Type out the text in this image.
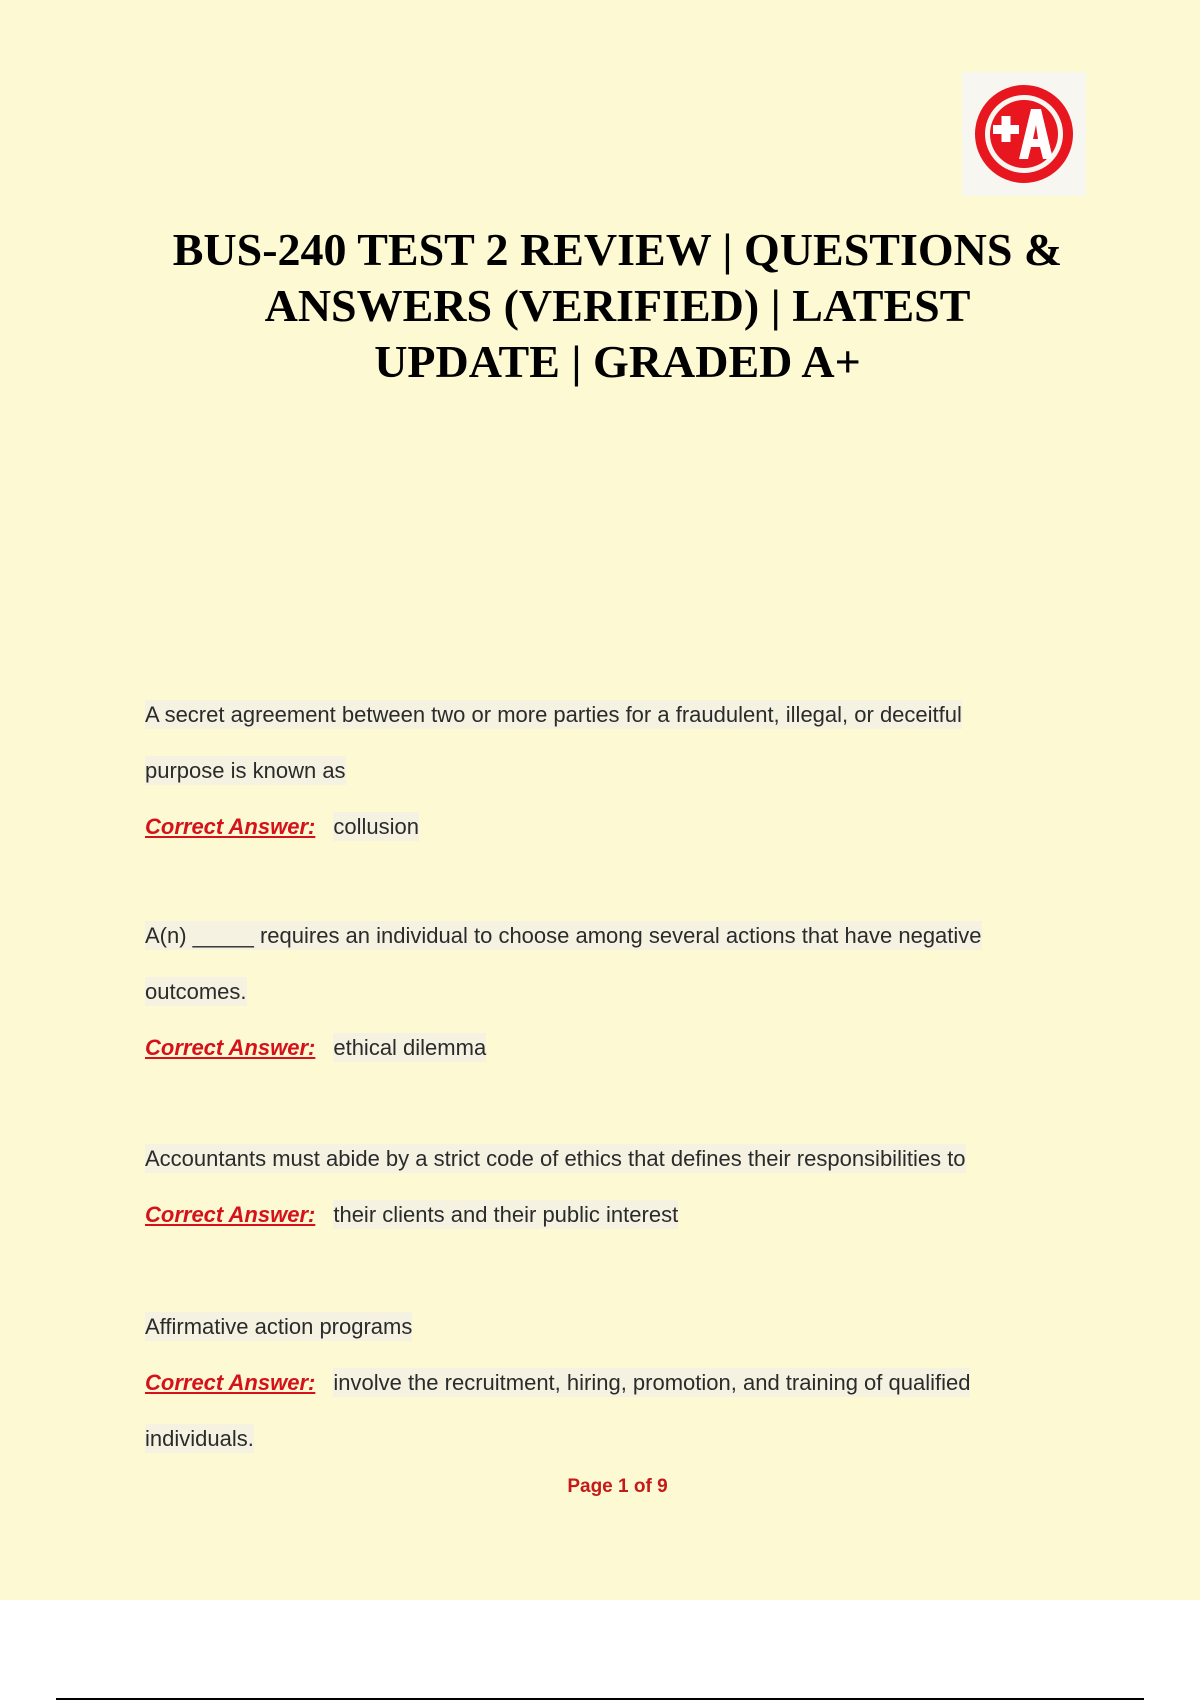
BUS-240 TEST 2 REVIEW | QUESTIONS &
ANSWERS (VERIFIED) | LATEST
UPDATE | GRADED A+
A secret agreement between two or more parties for a fraudulent, illegal, or deceitful
purpose is known as
Correct Answer: collusion
A(n) _____ requires an individual to choose among several actions that have negative
outcomes.
Correct Answer: ethical dilemma
Accountants must abide by a strict code of ethics that defines their responsibilities to
Correct Answer: their clients and their public interest
Affirmative action programs
Correct Answer: involve the recruitment, hiring, promotion, and training of qualified
individuals.
Page 1 of 9
